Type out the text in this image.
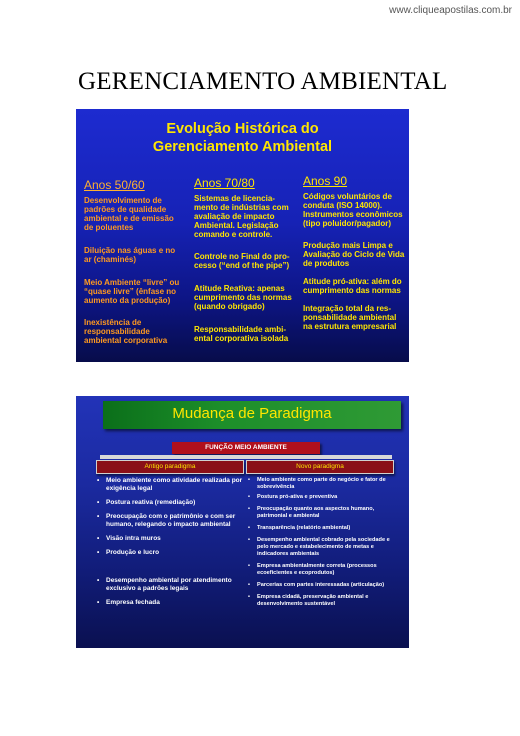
www.cliqueapostilas.com.br
GERENCIAMENTO AMBIENTAL
Evolução Histórica do
Gerenciamento Ambiental
Anos 50/60

Desenvolvimento de padrões de qualidade ambiental e de emissão de poluentes

Diluição nas águas e no ar (chaminés)

Meio Ambiente “livre” ou “quase livre” (ênfase no aumento da produção)

Inexistência de responsabilidade ambiental corporativa

Anos 70/80

Sistemas de licencia-mento de indústrias com avaliação de impacto Ambiental. Legislação comando e controle.

Controle no Final do pro-cesso (“end of the pipe”)

Atitude Reativa: apenas cumprimento das normas (quando obrigado)

Responsabilidade ambi-ental corporativa isolada

Anos 90

Códigos voluntários de conduta (ISO 14000). Instrumentos econômicos (tipo poluidor/pagador)

Produção mais Limpa e Avaliação do Ciclo de Vida de produtos

Atitude pró-ativa: além do cumprimento das normas

Integração total da res-ponsabilidade ambiental na estrutura empresarial

Mudança de Paradigma
FUNÇÃO MEIO AMBIENTE
Antigo paradigma	Novo paradigma
• Meio ambiente como atividade realizada por exigência legal
• Postura reativa (remediação)
• Preocupação com o patrimônio e com ser humano, relegando o impacto ambiental
• Visão intra muros
• Produção e lucro
• Desempenho ambiental por atendimento exclusivo a padrões legais
• Empresa fechada
• Meio ambiente como parte do negócio e fator de sobrevivência
• Postura pró-ativa e preventiva
• Preocupação quanto aos aspectos humano, patrimonial e ambiental
• Transparência (relatório ambiental)
• Desempenho ambiental cobrado pela sociedade e pelo mercado e estabelecimento de metas e indicadores ambientais
• Empresa ambientalmente correta (processos ecoeficientes e ecoprodutos)
• Parcerias com partes interessadas (articulação)
• Empresa cidadã, preservação ambiental e desenvolvimento sustentável
